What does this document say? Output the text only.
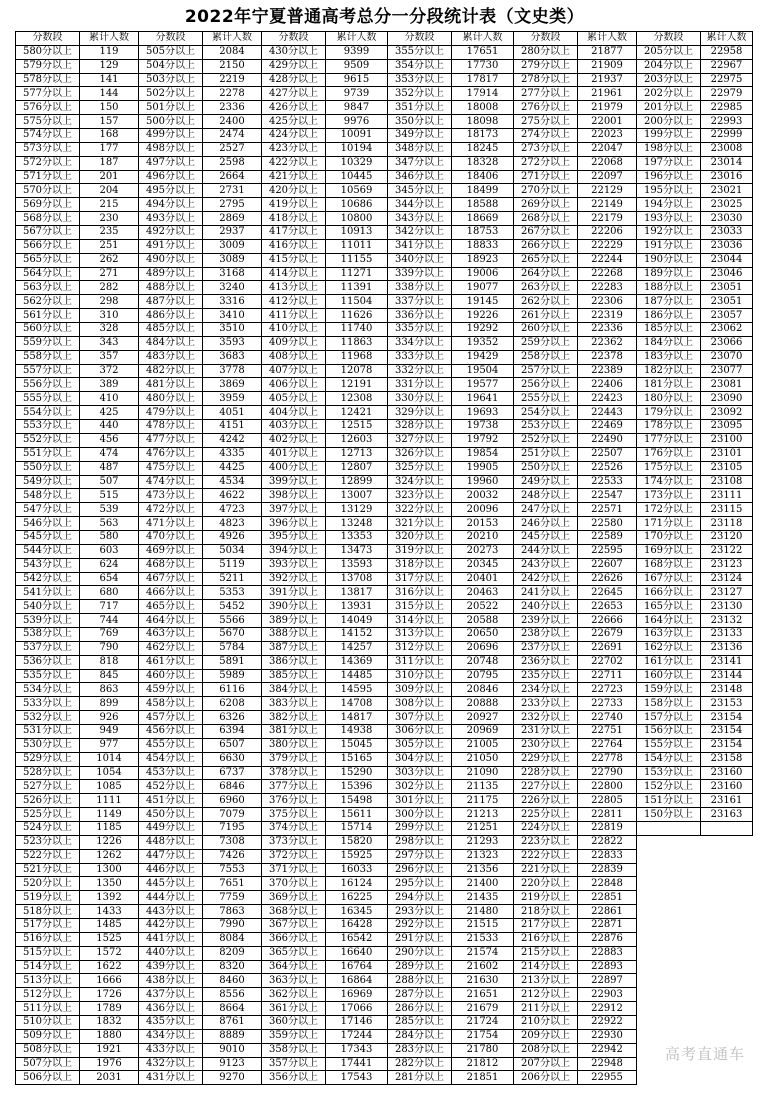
2022年宁夏普通高考总分一分段统计表（文史类）
分数段	累计人数	分数段	累计人数	分数段	累计人数	分数段	累计人数	分数段	累计人数	分数段	累计人数
580分以上	119	505分以上	2084	430分以上	9399	355分以上	17651	280分以上	21877	205分以上	22958
579分以上	129	504分以上	2150	429分以上	9509	354分以上	17730	279分以上	21909	204分以上	22967
578分以上	141	503分以上	2219	428分以上	9615	353分以上	17817	278分以上	21937	203分以上	22975
577分以上	144	502分以上	2278	427分以上	9739	352分以上	17914	277分以上	21961	202分以上	22979
576分以上	150	501分以上	2336	426分以上	9847	351分以上	18008	276分以上	21979	201分以上	22985
575分以上	157	500分以上	2400	425分以上	9976	350分以上	18098	275分以上	22001	200分以上	22993
574分以上	168	499分以上	2474	424分以上	10091	349分以上	18173	274分以上	22023	199分以上	22999
573分以上	177	498分以上	2527	423分以上	10194	348分以上	18245	273分以上	22047	198分以上	23008
572分以上	187	497分以上	2598	422分以上	10329	347分以上	18328	272分以上	22068	197分以上	23014
571分以上	201	496分以上	2664	421分以上	10445	346分以上	18406	271分以上	22097	196分以上	23016
570分以上	204	495分以上	2731	420分以上	10569	345分以上	18499	270分以上	22129	195分以上	23021
569分以上	215	494分以上	2795	419分以上	10686	344分以上	18588	269分以上	22149	194分以上	23025
568分以上	230	493分以上	2869	418分以上	10800	343分以上	18669	268分以上	22179	193分以上	23030
567分以上	235	492分以上	2937	417分以上	10913	342分以上	18753	267分以上	22206	192分以上	23033
566分以上	251	491分以上	3009	416分以上	11011	341分以上	18833	266分以上	22229	191分以上	23036
565分以上	262	490分以上	3089	415分以上	11155	340分以上	18923	265分以上	22244	190分以上	23044
564分以上	271	489分以上	3168	414分以上	11271	339分以上	19006	264分以上	22268	189分以上	23046
563分以上	282	488分以上	3240	413分以上	11391	338分以上	19077	263分以上	22283	188分以上	23051
562分以上	298	487分以上	3316	412分以上	11504	337分以上	19145	262分以上	22306	187分以上	23051
561分以上	310	486分以上	3410	411分以上	11626	336分以上	19226	261分以上	22319	186分以上	23057
560分以上	328	485分以上	3510	410分以上	11740	335分以上	19292	260分以上	22336	185分以上	23062
559分以上	343	484分以上	3593	409分以上	11863	334分以上	19352	259分以上	22362	184分以上	23066
558分以上	357	483分以上	3683	408分以上	11968	333分以上	19429	258分以上	22378	183分以上	23070
557分以上	372	482分以上	3778	407分以上	12078	332分以上	19504	257分以上	22389	182分以上	23077
556分以上	389	481分以上	3869	406分以上	12191	331分以上	19577	256分以上	22406	181分以上	23081
555分以上	410	480分以上	3959	405分以上	12308	330分以上	19641	255分以上	22423	180分以上	23090
554分以上	425	479分以上	4051	404分以上	12421	329分以上	19693	254分以上	22443	179分以上	23092
553分以上	440	478分以上	4151	403分以上	12515	328分以上	19738	253分以上	22469	178分以上	23095
552分以上	456	477分以上	4242	402分以上	12603	327分以上	19792	252分以上	22490	177分以上	23100
551分以上	474	476分以上	4335	401分以上	12713	326分以上	19854	251分以上	22507	176分以上	23101
550分以上	487	475分以上	4425	400分以上	12807	325分以上	19905	250分以上	22526	175分以上	23105
549分以上	507	474分以上	4534	399分以上	12899	324分以上	19960	249分以上	22533	174分以上	23108
548分以上	515	473分以上	4622	398分以上	13007	323分以上	20032	248分以上	22547	173分以上	23111
547分以上	539	472分以上	4723	397分以上	13129	322分以上	20096	247分以上	22571	172分以上	23115
546分以上	563	471分以上	4823	396分以上	13248	321分以上	20153	246分以上	22580	171分以上	23118
545分以上	580	470分以上	4926	395分以上	13353	320分以上	20210	245分以上	22589	170分以上	23120
544分以上	603	469分以上	5034	394分以上	13473	319分以上	20273	244分以上	22595	169分以上	23122
543分以上	624	468分以上	5119	393分以上	13593	318分以上	20345	243分以上	22607	168分以上	23123
542分以上	654	467分以上	5211	392分以上	13708	317分以上	20401	242分以上	22626	167分以上	23124
541分以上	680	466分以上	5353	391分以上	13817	316分以上	20463	241分以上	22645	166分以上	23127
540分以上	717	465分以上	5452	390分以上	13931	315分以上	20522	240分以上	22653	165分以上	23130
539分以上	744	464分以上	5566	389分以上	14049	314分以上	20588	239分以上	22666	164分以上	23132
538分以上	769	463分以上	5670	388分以上	14152	313分以上	20650	238分以上	22679	163分以上	23133
537分以上	790	462分以上	5784	387分以上	14257	312分以上	20696	237分以上	22691	162分以上	23136
536分以上	818	461分以上	5891	386分以上	14369	311分以上	20748	236分以上	22702	161分以上	23141
535分以上	845	460分以上	5989	385分以上	14485	310分以上	20795	235分以上	22711	160分以上	23144
534分以上	863	459分以上	6116	384分以上	14595	309分以上	20846	234分以上	22723	159分以上	23148
533分以上	899	458分以上	6208	383分以上	14708	308分以上	20888	233分以上	22733	158分以上	23153
532分以上	926	457分以上	6326	382分以上	14817	307分以上	20927	232分以上	22740	157分以上	23154
531分以上	949	456分以上	6394	381分以上	14938	306分以上	20969	231分以上	22751	156分以上	23154
530分以上	977	455分以上	6507	380分以上	15045	305分以上	21005	230分以上	22764	155分以上	23154
529分以上	1014	454分以上	6630	379分以上	15165	304分以上	21050	229分以上	22778	154分以上	23158
528分以上	1054	453分以上	6737	378分以上	15290	303分以上	21090	228分以上	22790	153分以上	23160
527分以上	1085	452分以上	6846	377分以上	15396	302分以上	21135	227分以上	22800	152分以上	23160
526分以上	1111	451分以上	6960	376分以上	15498	301分以上	21175	226分以上	22805	151分以上	23161
525分以上	1149	450分以上	7079	375分以上	15611	300分以上	21213	225分以上	22811	150分以上	23163
524分以上	1185	449分以上	7195	374分以上	15714	299分以上	21251	224分以上	22819		
523分以上	1226	448分以上	7308	373分以上	15820	298分以上	21293	223分以上	22822		
522分以上	1262	447分以上	7426	372分以上	15925	297分以上	21323	222分以上	22833		
521分以上	1300	446分以上	7553	371分以上	16033	296分以上	21356	221分以上	22839		
520分以上	1350	445分以上	7651	370分以上	16124	295分以上	21400	220分以上	22848		
519分以上	1392	444分以上	7759	369分以上	16225	294分以上	21435	219分以上	22851		
518分以上	1433	443分以上	7863	368分以上	16345	293分以上	21480	218分以上	22861		
517分以上	1485	442分以上	7990	367分以上	16428	292分以上	21515	217分以上	22871		
516分以上	1525	441分以上	8084	366分以上	16542	291分以上	21533	216分以上	22876		
515分以上	1572	440分以上	8209	365分以上	16640	290分以上	21574	215分以上	22883		
514分以上	1622	439分以上	8320	364分以上	16764	289分以上	21602	214分以上	22893		
513分以上	1666	438分以上	8460	363分以上	16864	288分以上	21630	213分以上	22897		
512分以上	1726	437分以上	8556	362分以上	16969	287分以上	21651	212分以上	22903		
511分以上	1789	436分以上	8664	361分以上	17066	286分以上	21679	211分以上	22912		
510分以上	1832	435分以上	8761	360分以上	17146	285分以上	21724	210分以上	22922		
509分以上	1880	434分以上	8889	359分以上	17244	284分以上	21754	209分以上	22930		
508分以上	1921	433分以上	9010	358分以上	17343	283分以上	21780	208分以上	22942		
507分以上	1976	432分以上	9123	357分以上	17441	282分以上	21812	207分以上	22948		
506分以上	2031	431分以上	9270	356分以上	17543	281分以上	21851	206分以上	22955		
高考直通车
